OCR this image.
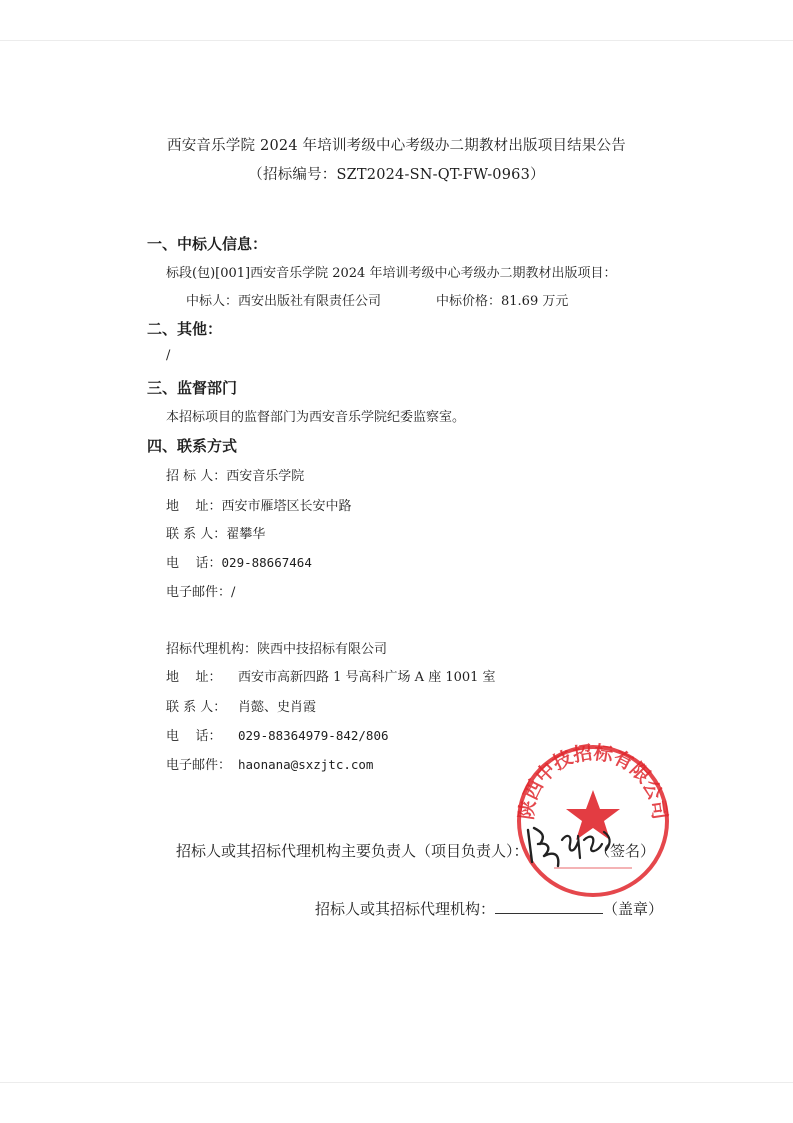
西安音乐学院 2024 年培训考级中心考级办二期教材出版项目结果公告
（招标编号：SZT2024-SN-QT-FW-0963）
一、中标人信息：
标段(包)[001]西安音乐学院 2024 年培训考级中心考级办二期教材出版项目：
中标人：西安出版社有限责任公司	中标价格：81.69 万元
二、其他：
/
三、监督部门
本招标项目的监督部门为西安音乐学院纪委监察室。
四、联系方式
招 标 人：西安音乐学院
地    址：西安市雁塔区长安中路
联 系 人：翟攀华
电    话：029-88667464
电子邮件：/
招标代理机构：陕西中技招标有限公司
地    址： 西安市高新四路 1 号高科广场 A 座 1001 室
联 系 人： 肖懿、史肖霞
电    话： 029-88364979-842/806
电子邮件： haonana@sxzjtc.com
招标人或其招标代理机构主要负责人（项目负责人）：	（签名）
招标人或其招标代理机构：	（盖章）
陕西中技招标有限公司
